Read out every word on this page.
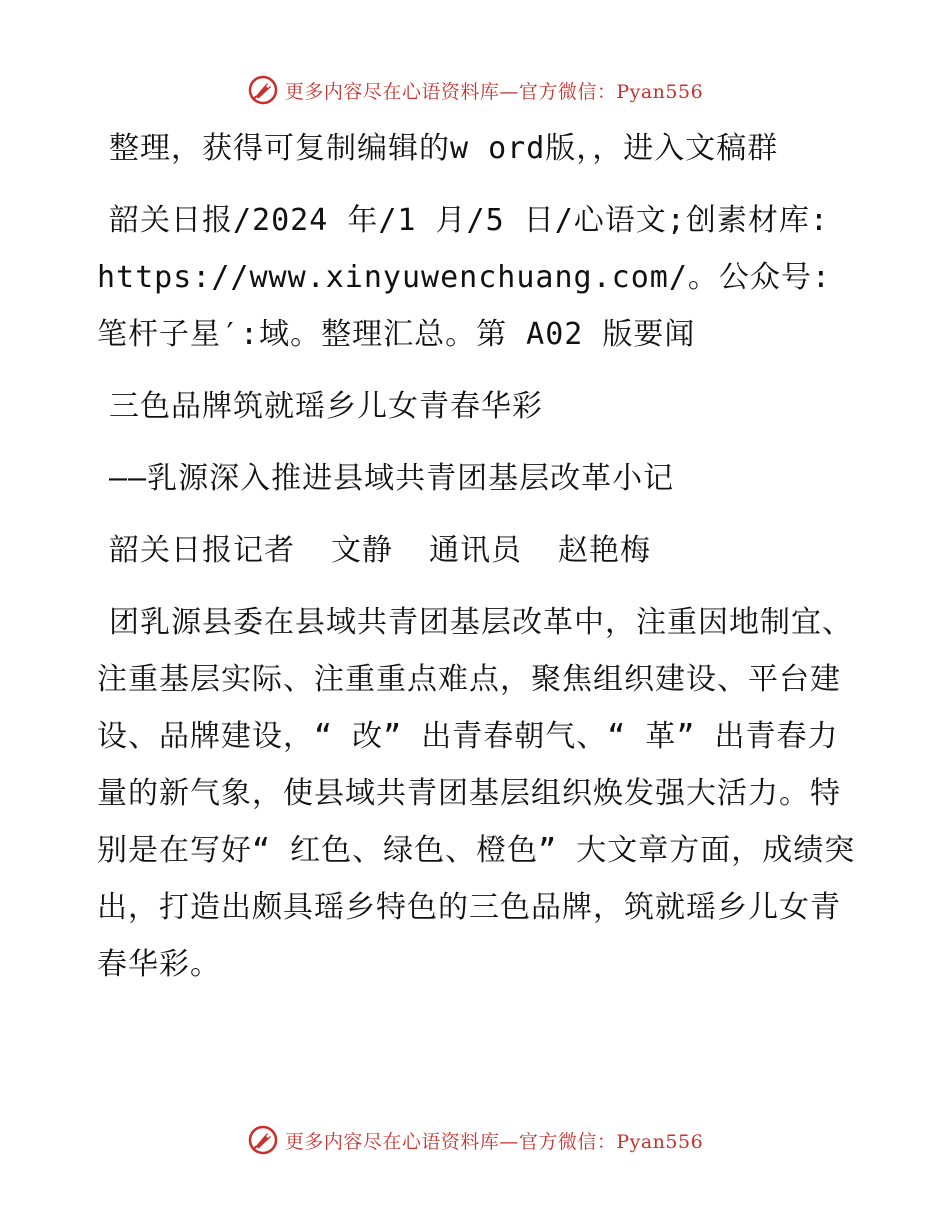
更多内容尽在心语资料库—官方微信：Pyan556

整理，获得可复制编辑的w ord版，，进入文稿群

韶关日报/2024 年/1 月/5 日/心语文;创素材库: https://www.xinyuwenchuang.com/。公众号: 笔杆子星′:域。整理汇总。第 A02 版要闻

三色品牌筑就瑶乡儿女青春华彩

——乳源深入推进县域共青团基层改革小记

韶关日报记者 文静 通讯员 赵艳梅

团乳源县委在县域共青团基层改革中，注重因地制宜、注重基层实际、注重重点难点，聚焦组织建设、平台建设、品牌建设，“ 改” 出青春朝气、“ 革” 出青春力量的新气象，使县域共青团基层组织焕发强大活力。特别是在写好“ 红色、绿色、橙色” 大文章方面，成绩突出，打造出颇具瑶乡特色的三色品牌，筑就瑶乡儿女青春华彩。

更多内容尽在心语资料库—官方微信：Pyan556
